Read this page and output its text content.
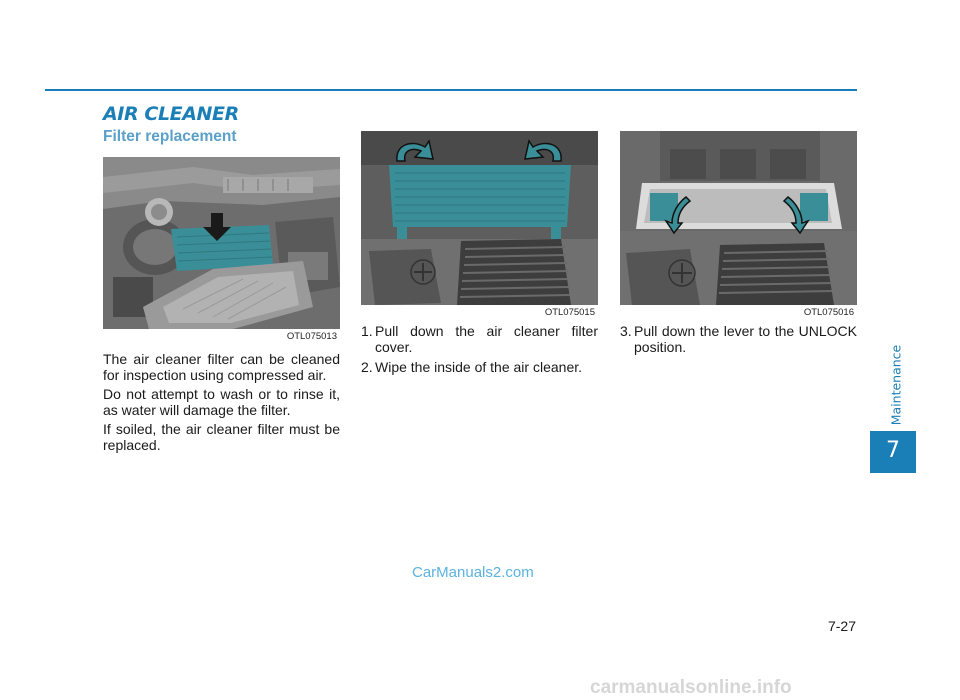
AIR CLEANER
Filter replacement
OTL075013
OTL075015	OTL075016

The air cleaner filter can be cleaned for inspection using compressed air.

Do not attempt to wash or to rinse it, as water will damage the filter.

If soiled, the air cleaner filter must be replaced.

1. Pull down the air cleaner filter cover.
2. Wipe the inside of the air cleaner.
3. Pull down the lever to the UNLOCK position.	Maintenance
7
7-27
CarManuals2.com
carmanualsonline.info
